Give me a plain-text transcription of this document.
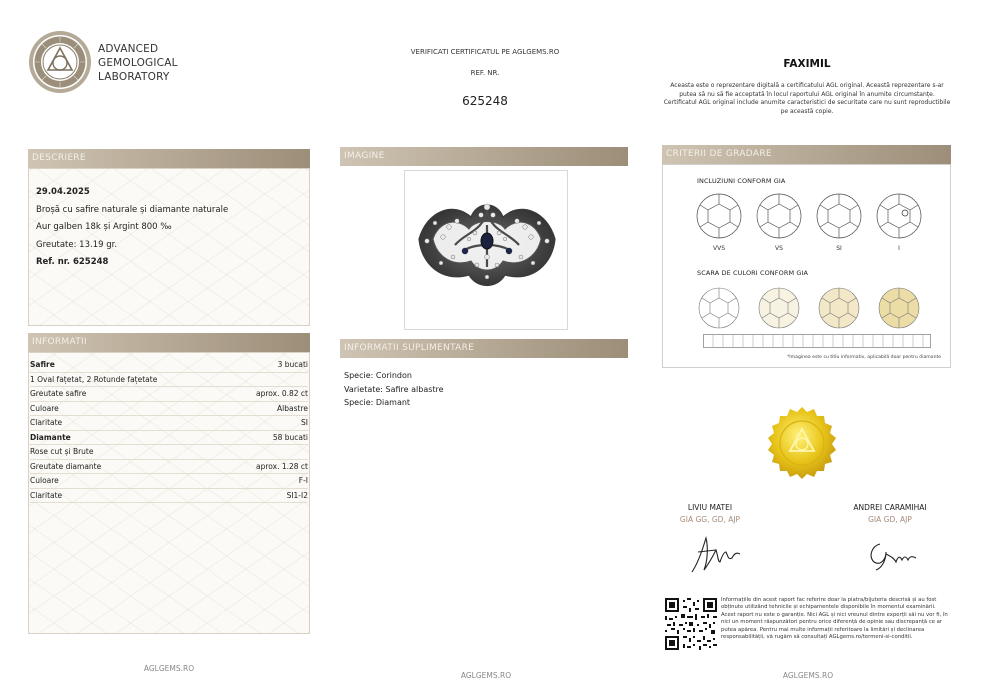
ADVANCED
GEMOLOGICAL
LABORATORY
VERIFICATI CERTIFICATUL PE AGLGEMS.RO
REF. NR.
625248
FAXIMIL
Aceasta este o reprezentare digitală a certificatului AGL original. Această reprezentare s-ar putea să nu să fie acceptată în locul raportului AGL original în anumite circumstanțe. Certificatul AGL original include anumite caracteristici de securitate care nu sunt reproductibile pe această copie.
DESCRIERE
29.04.2025
Broșă cu safire naturale și diamante naturale
Aur galben 18k și Argint 800 ‰
Greutate: 13.19 gr.
Ref. nr. 625248
INFORMATII
Safire	3 bucati
1 Oval fațetat, 2 Rotunde fațetate
Greutate safire	aprox. 0.82 ct
Culoare	Albastre
Claritate	SI
Diamante	58 bucati
Rose cut și Brute
Greutate diamante	aprox. 1.28 ct
Culoare	F-I
Claritate	SI1-I2
AGLGEMS.RO
IMAGINE
INFORMATII SUPLIMENTARE
Specie: Corindon
Varietate: Safire albastre
Specie: Diamant
AGLGEMS.RO
CRITERII DE GRADARE
INCLUZIUNI CONFORM GIA
VVS	VS	SI	I
SCARA DE CULORI CONFORM GIA
*Imaginea este cu titlu informativ, aplicabilă doar pentru diamante
LIVIU MATEI
GIA GG, GD, AJP
ANDREI CARAMIHAI
GIA GD, AJP
Informațiile din acest raport fac referire doar la piatra/bijuteria descrisă și au fost obținute utilizând tehnicile și echipamentele disponibile în momentul examinării. Acest raport nu este o garanție. Nici AGL și nici vreunul dintre experții săi nu vor fi, în nici un moment răspunzători pentru orice diferență de opinie sau discrepanță ce ar putea apărea. Pentru mai multe informații referitoare la limitări și declinarea responsabilității, vă rugăm să consultați AGLgems.ro/termeni-si-conditii.
AGLGEMS.RO
